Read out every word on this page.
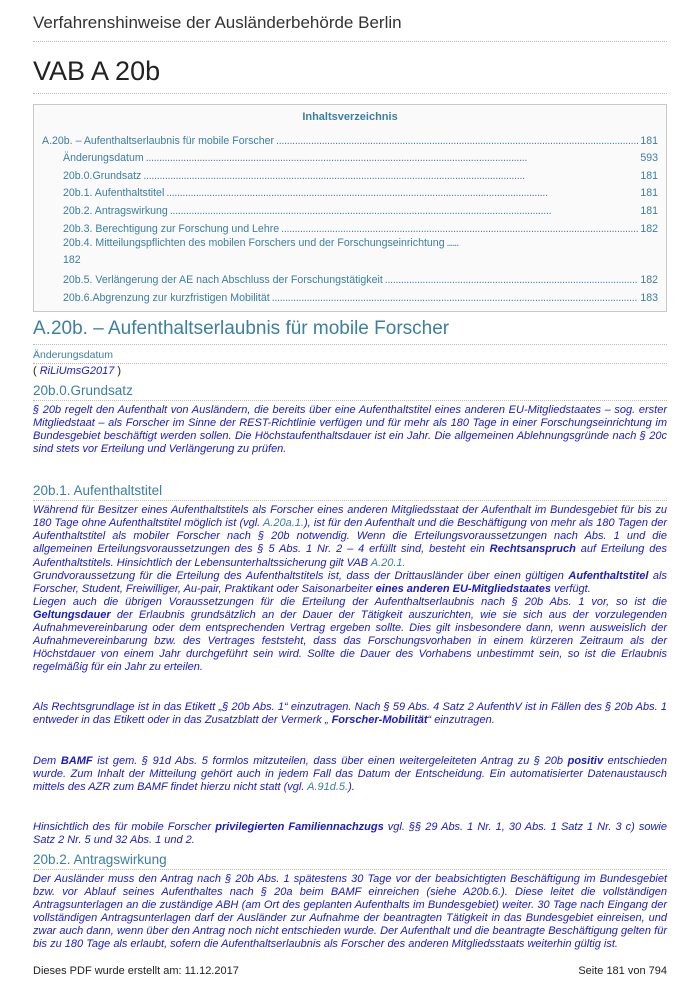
Verfahrenshinweise der Ausländerbehörde Berlin
VAB A 20b
Inhaltsverzeichnis
A.20b. – Aufenthaltserlaubnis für mobile Forscher . . .	181
Änderungsdatum . . .	593
20b.0.Grundsatz . . .	181
20b.1. Aufenthaltstitel . . .	181
20b.2. Antragswirkung . . .	181
20b.3. Berechtigung zur Forschung und Lehre . . .	182
20b.4. Mitteilungspflichten des mobilen Forschers und der Forschungseinrichtung ......
182
20b.5. Verlängerung der AE nach Abschluss der Forschungstätigkeit . . .	182
20b.6.Abgrenzung zur kurzfristigen Mobilität . . .	183
A.20b. – Aufenthaltserlaubnis für mobile Forscher
Änderungsdatum
( RiLiUmsG2017 )
20b.0.Grundsatz

§ 20b regelt den Aufenthalt von Ausländern, die bereits über eine Aufenthaltstitel eines anderen EU-Mitgliedstaates – sog. erster Mitgliedstaat – als Forscher im Sinne der REST-Richtlinie verfügen und für mehr als 180 Tage in einer Forschungseinrichtung im Bundesgebiet beschäftigt werden sollen. Die Höchstaufenthaltsdauer ist ein Jahr. Die allgemeinen Ablehnungsgründe nach § 20c sind stets vor Erteilung und Verlängerung zu prüfen.

20b.1. Aufenthaltstitel

Während für Besitzer eines Aufenthaltstitels als Forscher eines anderen Mitgliedsstaat der Aufenthalt im Bundesgebiet für bis zu 180 Tage ohne Aufenthaltstitel möglich ist (vgl. A.20a.1.), ist für den Aufenthalt und die Beschäftigung von mehr als 180 Tagen der Aufenthaltstitel als mobiler Forscher nach § 20b notwendig. Wenn die Erteilungsvoraussetzungen nach Abs. 1 und die allgemeinen Erteilungsvoraussetzungen des § 5 Abs. 1 Nr. 2 – 4 erfüllt sind, besteht ein Rechtsanspruch auf Erteilung des Aufenthaltstitels. Hinsichtlich der Lebensunterhaltssicherung gilt VAB A.20.1.

Grundvoraussetzung für die Erteilung des Aufenthaltstitels ist, dass der Drittausländer über einen gültigen Aufenthaltstitel als Forscher, Student, Freiwilliger, Au-pair, Praktikant oder Saisonarbeiter eines anderen EU-Mitgliedstaates verfügt.

Liegen auch die übrigen Voraussetzungen für die Erteilung der Aufenthaltserlaubnis nach § 20b Abs. 1 vor, so ist die Geltungsdauer der Erlaubnis grundsätzlich an der Dauer der Tätigkeit auszurichten, wie sie sich aus der vorzulegenden Aufnahmevereinbarung oder dem entsprechenden Vertrag ergeben sollte. Dies gilt insbesondere dann, wenn ausweislich der Aufnahmevereinbarung bzw. des Vertrages feststeht, dass das Forschungsvorhaben in einem kürzeren Zeitraum als der Höchstdauer von einem Jahr durchgeführt sein wird. Sollte die Dauer des Vorhabens unbestimmt sein, so ist die Erlaubnis regelmäßig für ein Jahr zu erteilen.

Als Rechtsgrundlage ist in das Etikett „§ 20b Abs. 1“ einzutragen. Nach § 59 Abs. 4 Satz 2 AufenthV ist in Fällen des § 20b Abs. 1 entweder in das Etikett oder in das Zusatzblatt der Vermerk „ Forscher-Mobilität“ einzutragen.

Dem BAMF ist gem. § 91d Abs. 5 formlos mitzuteilen, dass über einen weitergeleiteten Antrag zu § 20b positiv entschieden wurde. Zum Inhalt der Mitteilung gehört auch in jedem Fall das Datum der Entscheidung. Ein automatisierter Datenaustausch mittels des AZR zum BAMF findet hierzu nicht statt (vgl. A.91d.5.).

Hinsichtlich des für mobile Forscher privilegierten Familiennachzugs vgl. §§ 29 Abs. 1 Nr. 1, 30 Abs. 1 Satz 1 Nr. 3 c) sowie Satz 2 Nr. 5 und 32 Abs. 1 und 2.

20b.2. Antragswirkung

Der Ausländer muss den Antrag nach § 20b Abs. 1 spätestens 30 Tage vor der beabsichtigten Beschäftigung im Bundesgebiet bzw. vor Ablauf seines Aufenthaltes nach § 20a beim BAMF einreichen (siehe A20b.6.). Diese leitet die vollständigen Antragsunterlagen an die zuständige ABH (am Ort des geplanten Aufenthalts im Bundesgebiet) weiter. 30 Tage nach Eingang der vollständigen Antragsunterlagen darf der Ausländer zur Aufnahme der beantragten Tätigkeit in das Bundesgebiet einreisen, und zwar auch dann, wenn über den Antrag noch nicht entschieden wurde. Der Aufenthalt und die beantragte Beschäftigung gelten für bis zu 180 Tage als erlaubt, sofern die Aufenthaltserlaubnis als Forscher des anderen Mitgliedsstaats weiterhin gültig ist.

Dieses PDF wurde erstellt am: 11.12.2017	Seite 181 von 794
